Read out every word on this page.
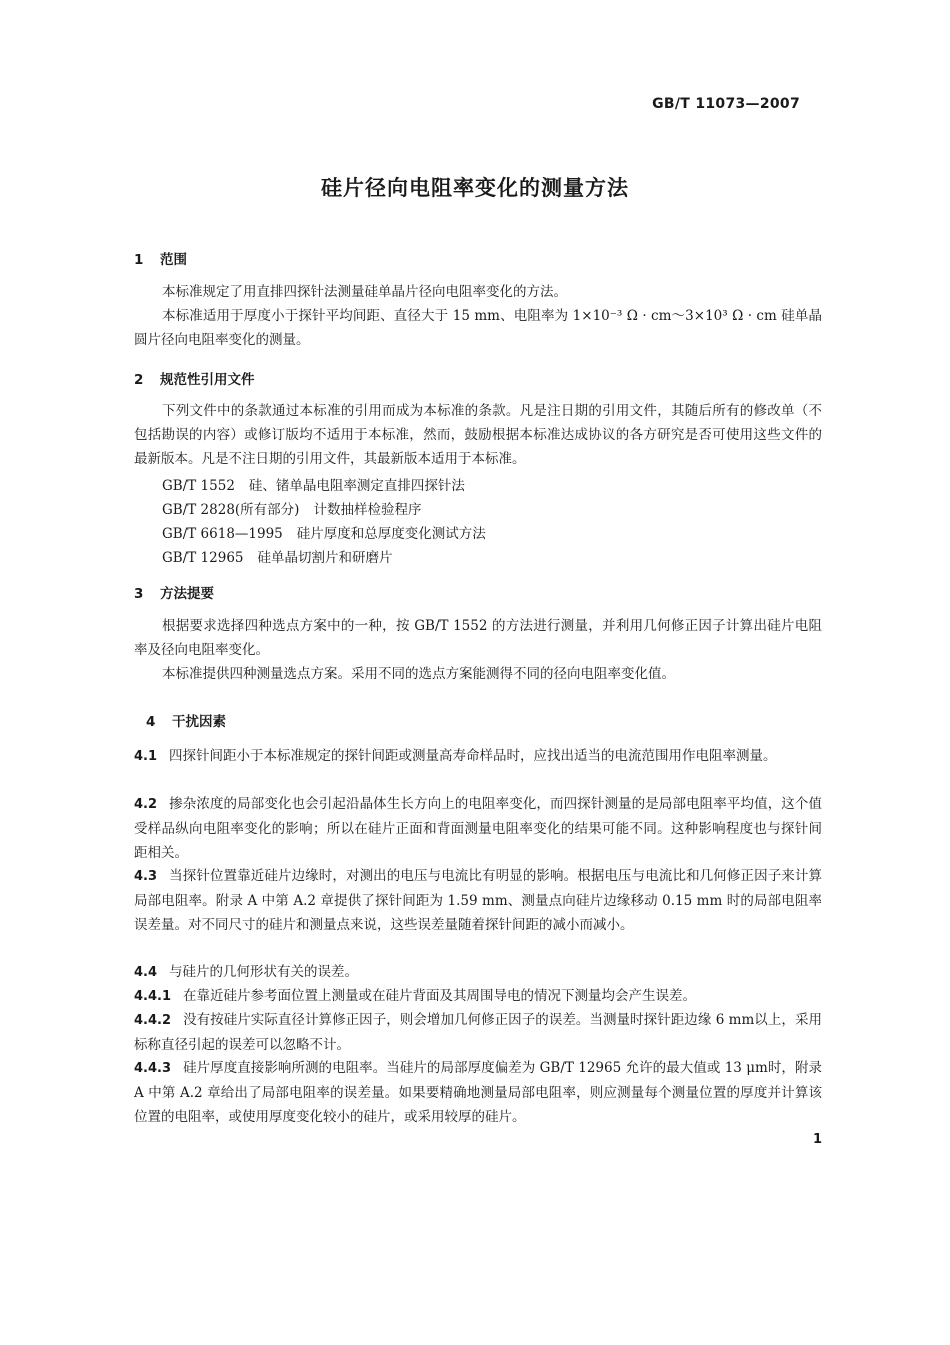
GB/T 11073—2007
硅片径向电阻率变化的测量方法
1 范围
本标准规定了用直排四探针法测量硅单晶片径向电阻率变化的方法。
本标准适用于厚度小于探针平均间距、直径大于 15 mm、电阻率为 1×10⁻³ Ω · cm～3×10³ Ω · cm 硅单晶圆片径向电阻率变化的测量。
2 规范性引用文件
下列文件中的条款通过本标准的引用而成为本标准的条款。凡是注日期的引用文件，其随后所有的修改单（不包括勘误的内容）或修订版均不适用于本标准，然而，鼓励根据本标准达成协议的各方研究是否可使用这些文件的最新版本。凡是不注日期的引用文件，其最新版本适用于本标准。
GB/T 1552 硅、锗单晶电阻率测定直排四探针法
GB/T 2828(所有部分) 计数抽样检验程序
GB/T 6618—1995 硅片厚度和总厚度变化测试方法
GB/T 12965 硅单晶切割片和研磨片
3 方法提要
根据要求选择四种选点方案中的一种，按 GB/T 1552 的方法进行测量，并利用几何修正因子计算出硅片电阻率及径向电阻率变化。
本标准提供四种测量选点方案。采用不同的选点方案能测得不同的径向电阻率变化值。
4 干扰因素
4.1 四探针间距小于本标准规定的探针间距或测量高寿命样品时，应找出适当的电流范围用作电阻率测量。
4.2 掺杂浓度的局部变化也会引起沿晶体生长方向上的电阻率变化，而四探针测量的是局部电阻率平均值，这个值受样品纵向电阻率变化的影响；所以在硅片正面和背面测量电阻率变化的结果可能不同。这种影响程度也与探针间距相关。
4.3 当探针位置靠近硅片边缘时，对测出的电压与电流比有明显的影响。根据电压与电流比和几何修正因子来计算局部电阻率。附录 A 中第 A.2 章提供了探针间距为 1.59 mm、测量点向硅片边缘移动 0.15 mm 时的局部电阻率误差量。对不同尺寸的硅片和测量点来说，这些误差量随着探针间距的减小而减小。
4.4 与硅片的几何形状有关的误差。
4.4.1 在靠近硅片参考面位置上测量或在硅片背面及其周围导电的情况下测量均会产生误差。
4.4.2 没有按硅片实际直径计算修正因子，则会增加几何修正因子的误差。当测量时探针距边缘 6 mm以上，采用标称直径引起的误差可以忽略不计。
4.4.3 硅片厚度直接影响所测的电阻率。当硅片的局部厚度偏差为 GB/T 12965 允许的最大值或 13 μm时，附录 A 中第 A.2 章给出了局部电阻率的误差量。如果要精确地测量局部电阻率，则应测量每个测量位置的厚度并计算该位置的电阻率，或使用厚度变化较小的硅片，或采用较厚的硅片。
1
